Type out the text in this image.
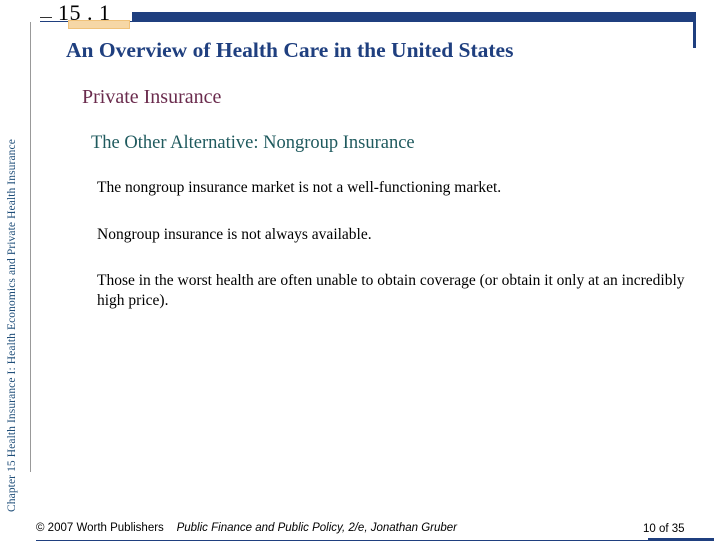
Chapter 15 Health Insurance I: Health Economics and Private Health Insurance
15 . 1
An Overview of Health Care in the United States
Private Insurance
The Other Alternative: Nongroup Insurance
The nongroup insurance market is not a well-functioning market.
Nongroup insurance is not always available.
Those in the worst health are often unable to obtain coverage (or obtain it only at an incredibly high price).
© 2007 Worth Publishers Public Finance and Public Policy, 2/e, Jonathan Gruber	10 of 35
